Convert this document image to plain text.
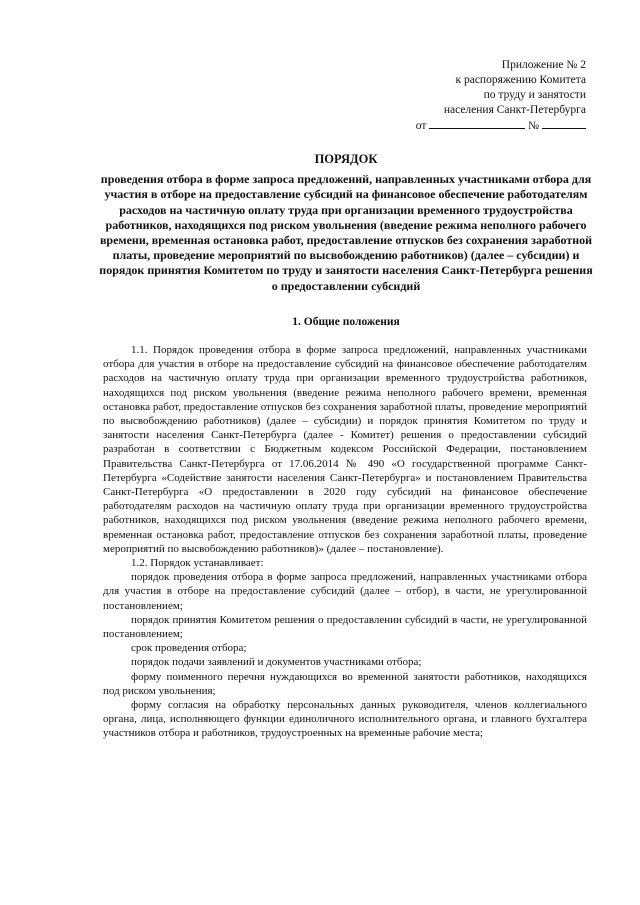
Приложение № 2
к распоряжению Комитета
по труду и занятости
населения Санкт-Петербурга
от	№
ПОРЯДОК
проведения отбора в форме запроса предложений, направленных участниками отбора для участия в отборе на предоставление субсидий на финансовое обеспечение работодателям расходов на частичную оплату труда при организации временного трудоустройства работников, находящихся под риском увольнения (введение режима неполного рабочего времени, временная остановка работ, предоставление отпусков без сохранения заработной платы, проведение мероприятий по высвобождению работников) (далее – субсидии) и порядок принятия Комитетом по труду и занятости населения Санкт-Петербурга решения о предоставлении субсидий
1. Общие положения

1.1. Порядок проведения отбора в форме запроса предложений, направленных участниками отбора для участия в отборе на предоставление субсидий на финансовое обеспечение работодателям расходов на частичную оплату труда при организации временного трудоустройства работников, находящихся под риском увольнения (введение режима неполного рабочего времени, временная остановка работ, предоставление отпусков без сохранения заработной платы, проведение мероприятий по высвобождению работников) (далее – субсидии) и порядок принятия Комитетом по труду и занятости населения Санкт-Петербурга (далее - Комитет) решения о предоставлении субсидий разработан в соответствии с Бюджетным кодексом Российской Федерации, постановлением Правительства Санкт-Петербурга от 17.06.2014 № 490 «О государственной программе Санкт-Петербурга «Содействие занятости населения Санкт-Петербурга» и постановлением Правительства Санкт-Петербурга «О предоставлении в 2020 году субсидий на финансовое обеспечение работодателям расходов на частичную оплату труда при организации временного трудоустройства работников, находящихся под риском увольнения (введение режима неполного рабочего времени, временная остановка работ, предоставление отпусков без сохранения заработной платы, проведение мероприятий по высвобождению работников)» (далее – постановление).

1.2. Порядок устанавливает:

порядок проведения отбора в форме запроса предложений, направленных участниками отбора для участия в отборе на предоставление субсидий (далее – отбор), в части, не урегулированной постановлением;

порядок принятия Комитетом решения о предоставлении субсидий в части, не урегулированной постановлением;

срок проведения отбора;

порядок подачи заявлений и документов участниками отбора;

форму поименного перечня нуждающихся во временной занятости работников, находящихся под риском увольнения;

форму согласия на обработку персональных данных руководителя, членов коллегиального органа, лица, исполняющего функции единоличного исполнительного органа, и главного бухгалтера участников отбора и работников, трудоустроенных на временные рабочие места;
